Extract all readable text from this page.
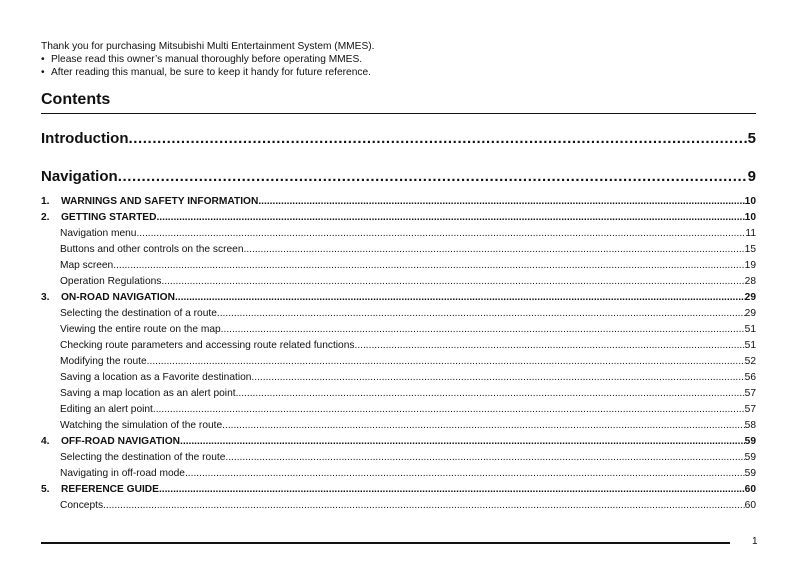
Thank you for purchasing Mitsubishi Multi Entertainment System (MMES).
• Please read this owner’s manual thoroughly before operating MMES.
• After reading this manual, be sure to keep it handy for future reference.
Contents
Introduction .....	5
Navigation .....	9
1. WARNINGS AND SAFETY INFORMATION .....	10
2. GETTING STARTED .....	10
Navigation menu .....	11
Buttons and other controls on the screen .....	15
Map screen .....	19
Operation Regulations .....	28
3. ON-ROAD NAVIGATION .....	29
Selecting the destination of a route .....	29
Viewing the entire route on the map .....	51
Checking route parameters and accessing route related functions .....	51
Modifying the route .....	52
Saving a location as a Favorite destination .....	56
Saving a map location as an alert point .....	57
Editing an alert point .....	57
Watching the simulation of the route .....	58
4. OFF-ROAD NAVIGATION .....	59
Selecting the destination of the route .....	59
Navigating in off-road mode .....	59
5. REFERENCE GUIDE .....	60
Concepts .....	60
1
